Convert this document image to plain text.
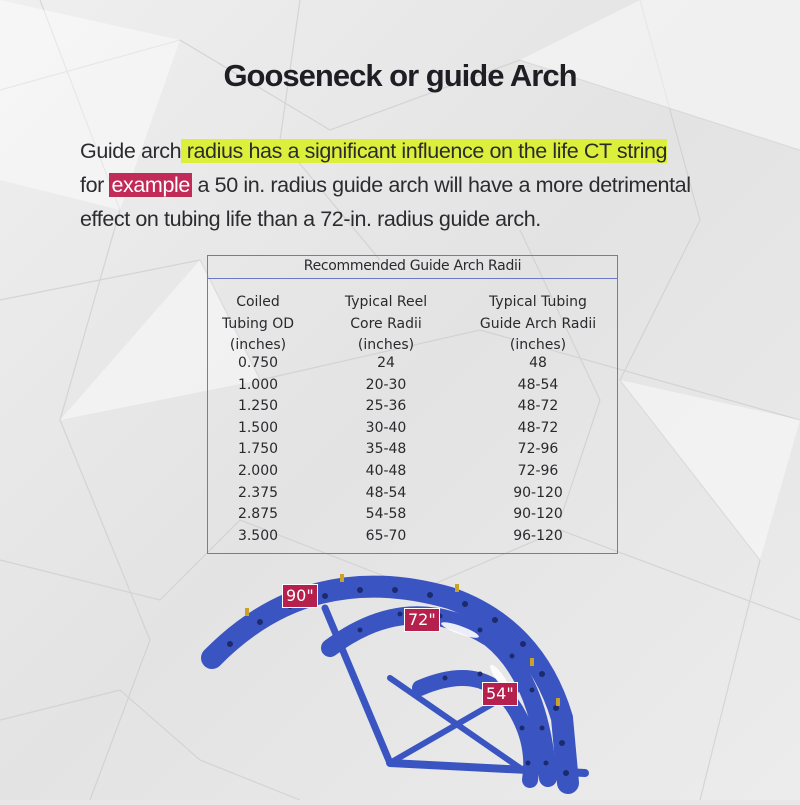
Gooseneck or guide Arch
Guide arch radius has a significant influence on the life CT string
for example a 50 in. radius guide arch will have a more detrimental
effect on tubing life than a 72-in. radius guide arch.
Recommended Guide Arch Radii
Coiled
Tubing OD
(inches)
Typical Reel
Core Radii
(inches)
Typical Tubing
Guide Arch Radii
(inches)
0.750	24	48
1.000	20-30	48-54
1.250	25-36	48-72
1.500	30-40	48-72
1.750	35-48	72-96
2.000	40-48	72-96
2.375	48-54	90-120
2.875	54-58	90-120
3.500	65-70	96-120
90"
72"
54"
